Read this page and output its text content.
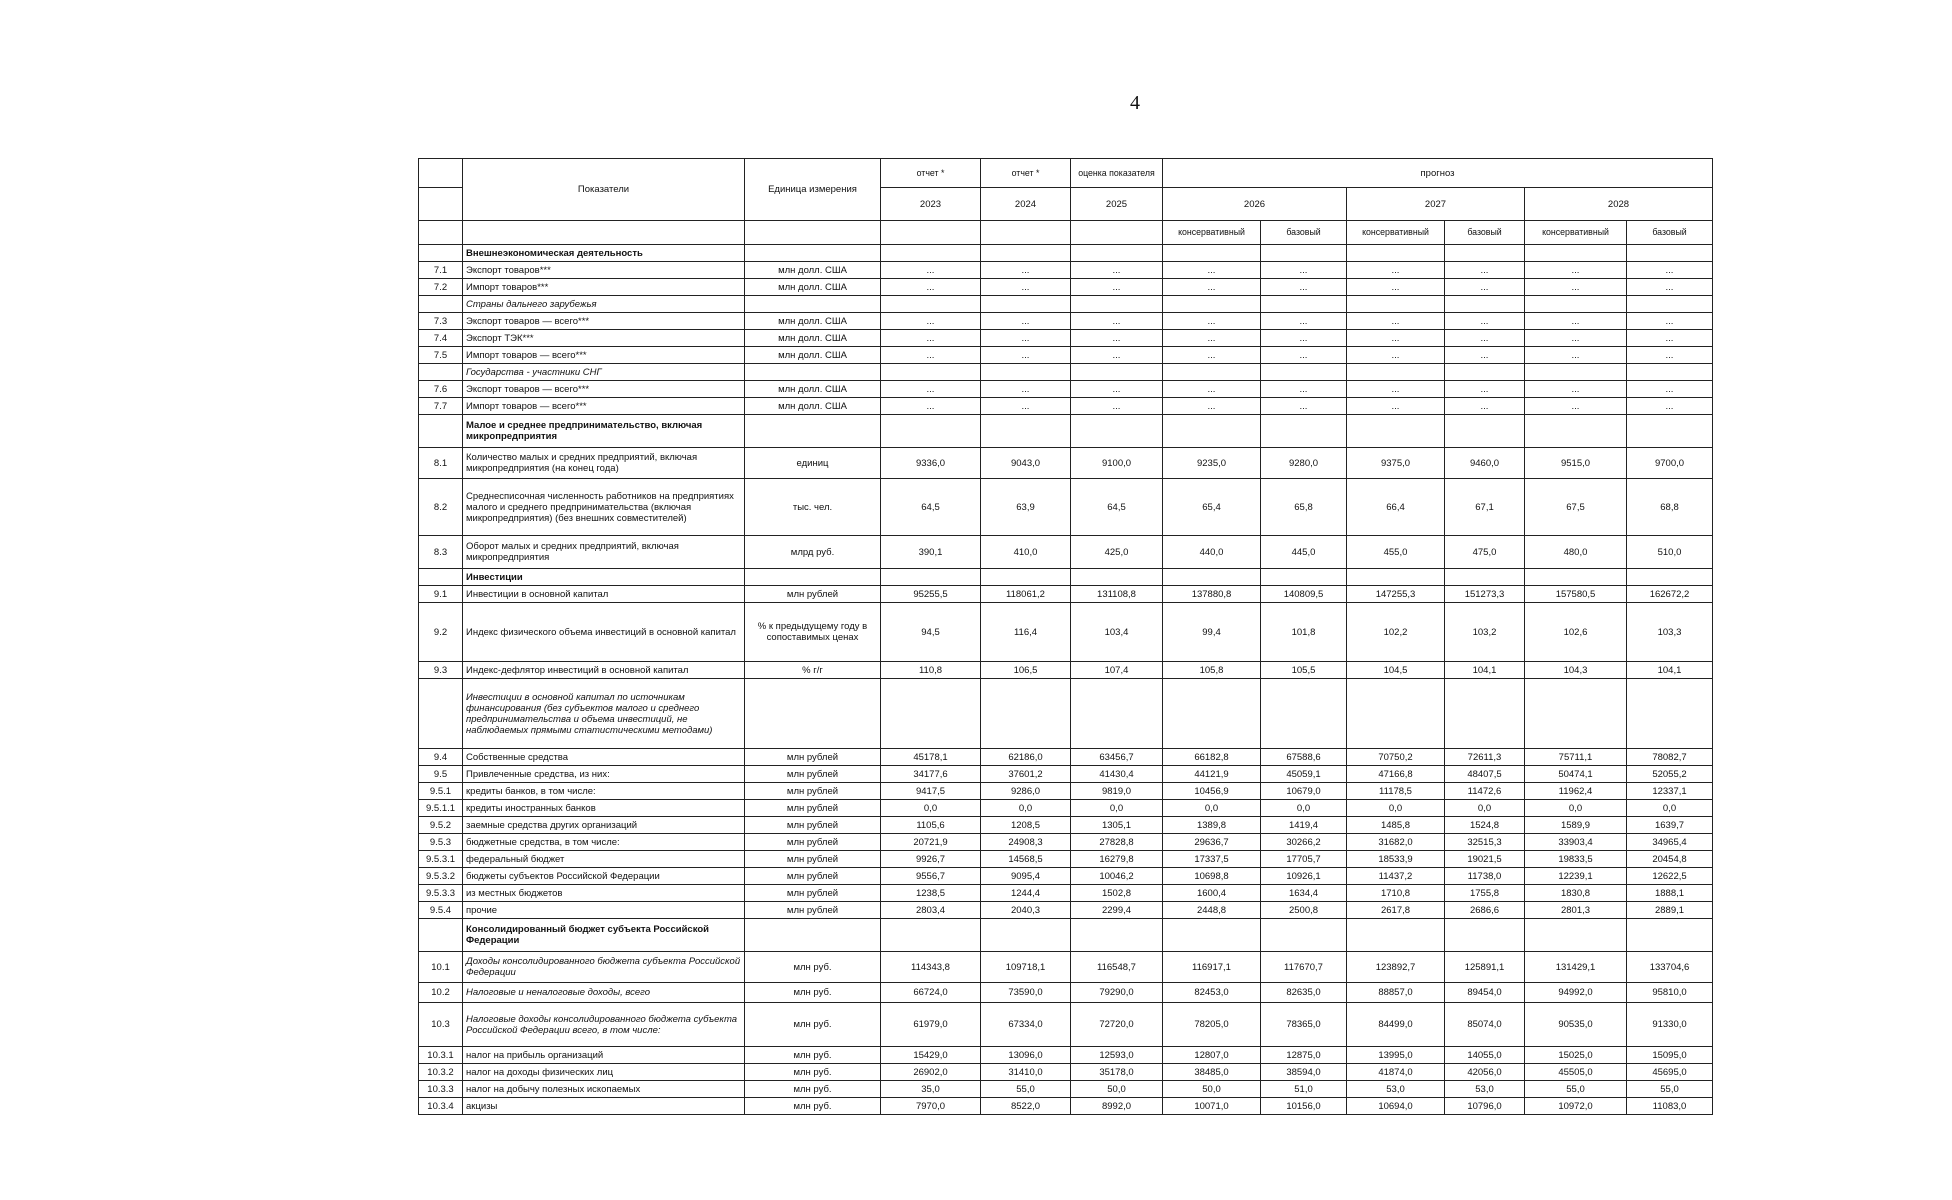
4
	Показатели	Единица измерения	отчет *	отчет *	оценка показателя	прогноз					
			2023	2024	2025	2026		2027		2028	
						консервативный	базовый	консервативный	базовый	консервативный	базовый
	Внешнеэкономическая деятельность										
7.1	Экспорт товаров***	млн долл. США	...	...	...	...	...	...	...	...	...
7.2	Импорт товаров***	млн долл. США	...	...	...	...	...	...	...	...	...
	Страны дальнего зарубежья										
7.3	Экспорт товаров — всего***	млн долл. США	...	...	...	...	...	...	...	...	...
7.4	Экспорт ТЭК***	млн долл. США	...	...	...	...	...	...	...	...	...
7.5	Импорт товаров — всего***	млн долл. США	...	...	...	...	...	...	...	...	...
	Государства - участники СНГ										
7.6	Экспорт товаров — всего***	млн долл. США	...	...	...	...	...	...	...	...	...
7.7	Импорт товаров — всего***	млн долл. США	...	...	...	...	...	...	...	...	...
	Малое и среднее предпринимательство, включая микропредприятия										
8.1	Количество малых и средних предприятий, включая микропредприятия (на конец года)	единиц	9336,0	9043,0	9100,0	9235,0	9280,0	9375,0	9460,0	9515,0	9700,0
8.2	Среднесписочная численность работников на предприятиях малого и среднего предпринимательства (включая микропредприятия) (без внешних совместителей)	тыс. чел.	64,5	63,9	64,5	65,4	65,8	66,4	67,1	67,5	68,8
8.3	Оборот малых и средних предприятий, включая микропредприятия	млрд руб.	390,1	410,0	425,0	440,0	445,0	455,0	475,0	480,0	510,0
	Инвестиции										
9.1	Инвестиции в основной капитал	млн рублей	95255,5	118061,2	131108,8	137880,8	140809,5	147255,3	151273,3	157580,5	162672,2
9.2	Индекс физического объема инвестиций в основной капитал	% к предыдущему году в сопоставимых ценах	94,5	116,4	103,4	99,4	101,8	102,2	103,2	102,6	103,3
9.3	Индекс-дефлятор инвестиций в основной капитал	% г/г	110,8	106,5	107,4	105,8	105,5	104,5	104,1	104,3	104,1
	Инвестиции в основной капитал по источникам финансирования (без субъектов малого и среднего предпринимательства и объема инвестиций, не наблюдаемых прямыми статистическими методами)										
9.4	Собственные средства	млн рублей	45178,1	62186,0	63456,7	66182,8	67588,6	70750,2	72611,3	75711,1	78082,7
9.5	Привлеченные средства, из них:	млн рублей	34177,6	37601,2	41430,4	44121,9	45059,1	47166,8	48407,5	50474,1	52055,2
9.5.1	кредиты банков, в том числе:	млн рублей	9417,5	9286,0	9819,0	10456,9	10679,0	11178,5	11472,6	11962,4	12337,1
9.5.1.1	кредиты иностранных банков	млн рублей	0,0	0,0	0,0	0,0	0,0	0,0	0,0	0,0	0,0
9.5.2	заемные средства других организаций	млн рублей	1105,6	1208,5	1305,1	1389,8	1419,4	1485,8	1524,8	1589,9	1639,7
9.5.3	бюджетные средства, в том числе:	млн рублей	20721,9	24908,3	27828,8	29636,7	30266,2	31682,0	32515,3	33903,4	34965,4
9.5.3.1	федеральный бюджет	млн рублей	9926,7	14568,5	16279,8	17337,5	17705,7	18533,9	19021,5	19833,5	20454,8
9.5.3.2	бюджеты субъектов Российской Федерации	млн рублей	9556,7	9095,4	10046,2	10698,8	10926,1	11437,2	11738,0	12239,1	12622,5
9.5.3.3	из местных бюджетов	млн рублей	1238,5	1244,4	1502,8	1600,4	1634,4	1710,8	1755,8	1830,8	1888,1
9.5.4	прочие	млн рублей	2803,4	2040,3	2299,4	2448,8	2500,8	2617,8	2686,6	2801,3	2889,1
	Консолидированный бюджет субъекта Российской Федерации										
10.1	Доходы консолидированного бюджета субъекта Российской Федерации	млн руб.	114343,8	109718,1	116548,7	116917,1	117670,7	123892,7	125891,1	131429,1	133704,6
10.2	Налоговые и неналоговые доходы, всего	млн руб.	66724,0	73590,0	79290,0	82453,0	82635,0	88857,0	89454,0	94992,0	95810,0
10.3	Налоговые доходы консолидированного бюджета субъекта Российской Федерации всего, в том числе:	млн руб.	61979,0	67334,0	72720,0	78205,0	78365,0	84499,0	85074,0	90535,0	91330,0
10.3.1	налог на прибыль организаций	млн руб.	15429,0	13096,0	12593,0	12807,0	12875,0	13995,0	14055,0	15025,0	15095,0
10.3.2	налог на доходы физических лиц	млн руб.	26902,0	31410,0	35178,0	38485,0	38594,0	41874,0	42056,0	45505,0	45695,0
10.3.3	налог на добычу полезных ископаемых	млн руб.	35,0	55,0	50,0	50,0	51,0	53,0	53,0	55,0	55,0
10.3.4	акцизы	млн руб.	7970,0	8522,0	8992,0	10071,0	10156,0	10694,0	10796,0	10972,0	11083,0
